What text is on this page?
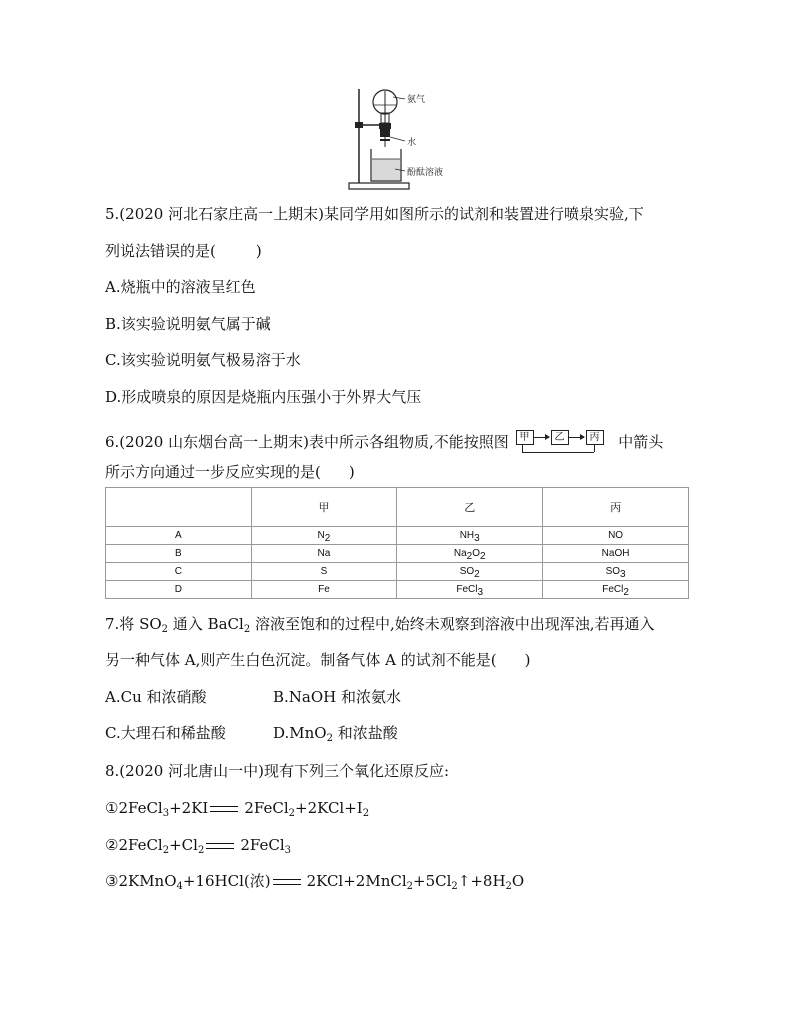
氨气
水
酚酞溶液
5.(2020 河北石家庄高一上期末)某同学用如图所示的试剂和装置进行喷泉实验,下
列说法错误的是(	)
A.烧瓶中的溶液呈红色
B.该实验说明氨气属于碱
C.该实验说明氨气极易溶于水
D.形成喷泉的原因是烧瓶内压强小于外界大气压
6.(2020 山东烟台高一上期末)表中所示各组物质,不能按照图	甲	乙	丙 中箭头
所示方向通过一步反应实现的是( )
	甲	乙	丙
A	$N_2$	$NH_3$	NO
B	Na	$Na_2O_2$	NaOH
C	S	$SO_2$	$SO_3$
D	Fe	FeCl$_3$	FeCl$_2$
7.将 $SO_2$ 通入 BaCl$_2$ 溶液至饱和的过程中,始终未观察到溶液中出现浑浊,若再通入
另一种气体 A,则产生白色沉淀。制备气体 A 的试剂不能是( )
A.Cu 和浓硝酸	B.NaOH 和浓氨水
C.大理石和稀盐酸	D.MnO$_2$ 和浓盐酸
8.(2020 河北唐山一中)现有下列三个氧化还原反应:
①2FeCl$_3$+2KI $2FeCl_2+2KCl+I_2$
$②2FeCl_2+Cl_2$ 2FeCl$_3$
③2KMnO$_4$+16HCl(浓) $2KCl+2MnCl_2+5Cl_2↑+8H_2O$
